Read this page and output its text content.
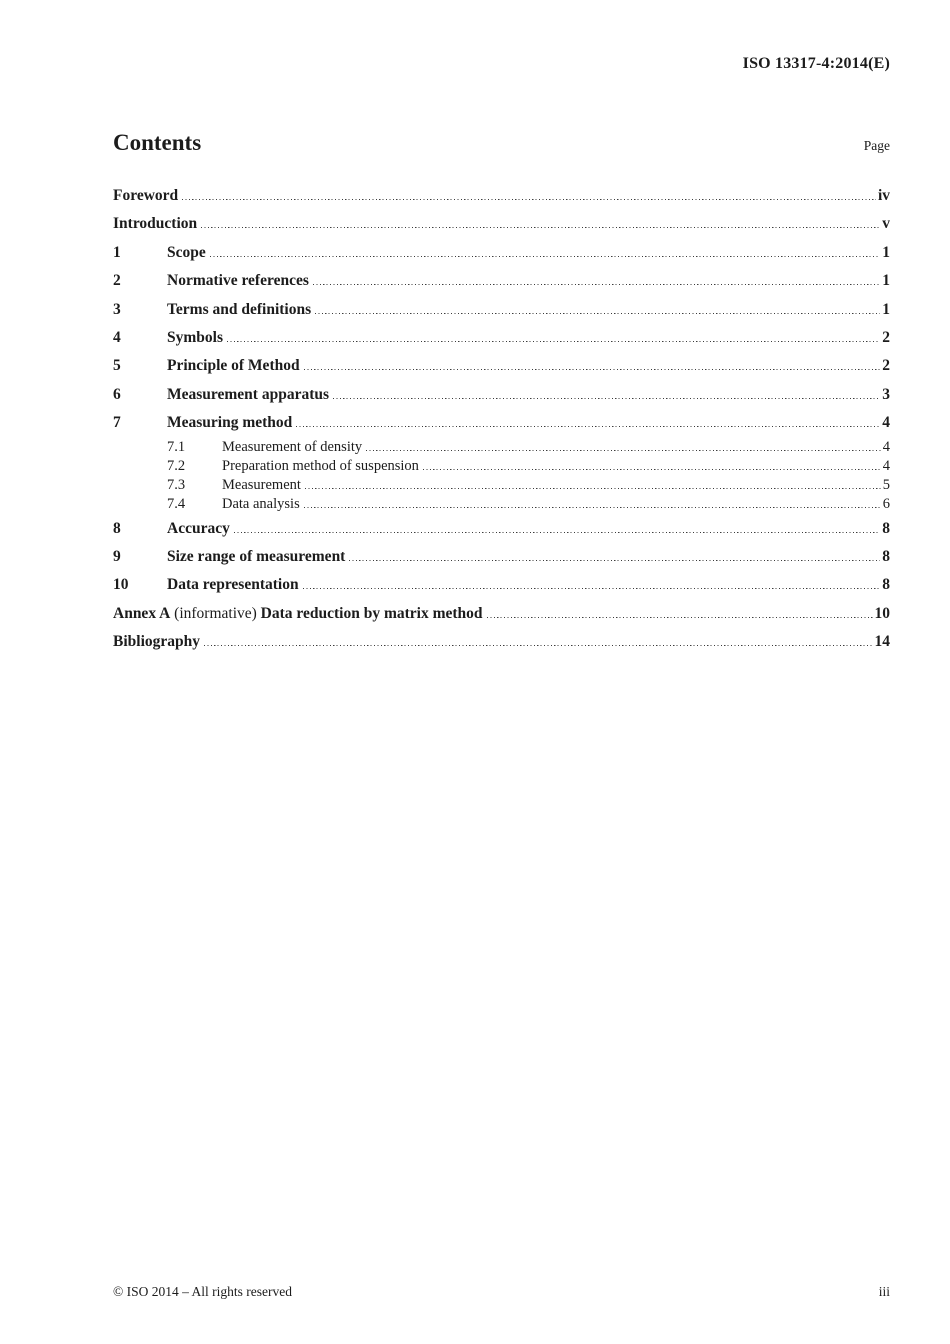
ISO 13317-4:2014(E)
Contents	Page
Foreword	iv
Introduction	v
1	Scope	1
2	Normative references	1
3	Terms and definitions	1
4	Symbols	2
5	Principle of Method	2
6	Measurement apparatus	3
7	Measuring method	4
7.1	Measurement of density	4
7.2	Preparation method of suspension	4
7.3	Measurement	5
7.4	Data analysis	6
8	Accuracy	8
9	Size range of measurement	8
10	Data representation	8
Annex A (informative) Data reduction by matrix method	10
Bibliography	14
© ISO 2014 – All rights reserved	iii
